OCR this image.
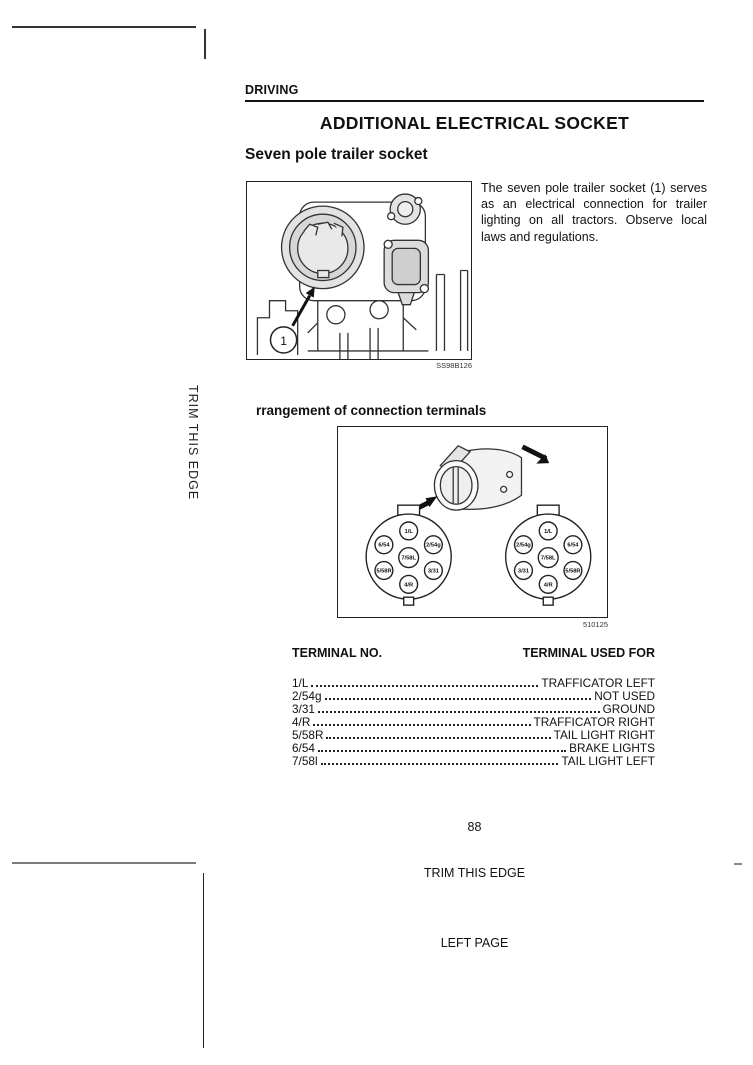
TRIM THIS EDGE
DRIVING
ADDITIONAL ELECTRICAL SOCKET
Seven pole trailer socket
1
SS98B126

The seven pole trailer socket (1) serves as an electrical connection for trailer lighting on all tractors. Observe local laws and regulations.

rrangement of connection terminals
1/L
6/54	2/54g
7/58L
5/58R	3/31
4/R
1/L
2/54g	6/54
7/58L
3/31	5/58R
4/R
510125
TERMINAL NO.	TERMINAL USED FOR
1/L	TRAFFICATOR LEFT
2/54g	NOT USED
3/31	GROUND
4/R	TRAFFICATOR RIGHT
5/58R	TAIL LIGHT RIGHT
6/54	BRAKE LIGHTS
7/58l	TAIL LIGHT LEFT
88
TRIM THIS EDGE
LEFT PAGE
